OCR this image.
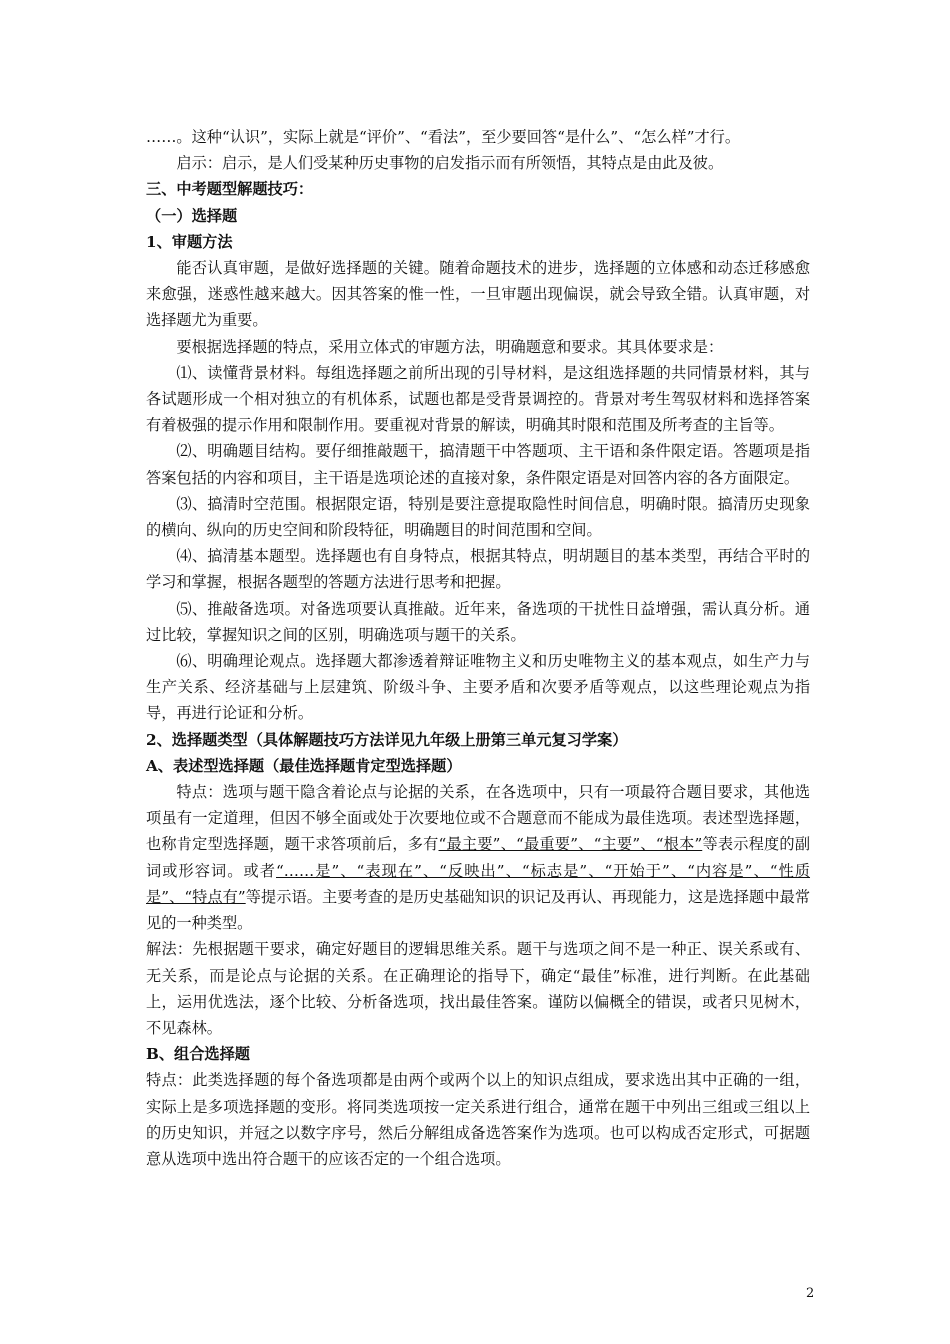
……。这种“认识”，实际上就是“评价”、“看法”，至少要回答“是什么”、“怎么样”才行。

启示：启示，是人们受某种历史事物的启发指示而有所领悟，其特点是由此及彼。

三、中考题型解题技巧：

（一）选择题

1、审题方法

能否认真审题，是做好选择题的关键。随着命题技术的进步，选择题的立体感和动态迁移感愈来愈强，迷惑性越来越大。因其答案的惟一性，一旦审题出现偏误，就会导致全错。认真审题，对选择题尤为重要。

要根据选择题的特点，采用立体式的审题方法，明确题意和要求。其具体要求是：

⑴、读懂背景材料。每组选择题之前所出现的引导材料，是这组选择题的共同情景材料，其与各试题形成一个相对独立的有机体系，试题也都是受背景调控的。背景对考生驾驭材料和选择答案有着极强的提示作用和限制作用。要重视对背景的解读，明确其时限和范围及所考查的主旨等。

⑵、明确题目结构。要仔细推敲题干，搞清题干中答题项、主干语和条件限定语。答题项是指答案包括的内容和项目，主干语是选项论述的直接对象，条件限定语是对回答内容的各方面限定。

⑶、搞清时空范围。根据限定语，特别是要注意提取隐性时间信息，明确时限。搞清历史现象的横向、纵向的历史空间和阶段特征，明确题目的时间范围和空间。

⑷、搞清基本题型。选择题也有自身特点，根据其特点，明胡题目的基本类型，再结合平时的学习和掌握，根据各题型的答题方法进行思考和把握。

⑸、推敲备选项。对备选项要认真推敲。近年来，备选项的干扰性日益增强，需认真分析。通过比较，掌握知识之间的区别，明确选项与题干的关系。

⑹、明确理论观点。选择题大都渗透着辩证唯物主义和历史唯物主义的基本观点，如生产力与生产关系、经济基础与上层建筑、阶级斗争、主要矛盾和次要矛盾等观点，以这些理论观点为指导，再进行论证和分析。

2、选择题类型（具体解题技巧方法详见九年级上册第三单元复习学案）

A、表述型选择题（最佳选择题肯定型选择题）

特点：选项与题干隐含着论点与论据的关系，在各选项中，只有一项最符合题目要求，其他选项虽有一定道理，但因不够全面或处于次要地位或不合题意而不能成为最佳选项。表述型选择题，也称肯定型选择题，题干求答项前后，多有“最主要”、“最重要”、“主要”、“根本”等表示程度的副词或形容词。或者“……是”、“表现在”、“反映出”、“标志是”、“开始于”、“内容是”、“性质是”、“特点有”等提示语。主要考查的是历史基础知识的识记及再认、再现能力，这是选择题中最常见的一种类型。

解法：先根据题干要求，确定好题目的逻辑思维关系。题干与选项之间不是一种正、误关系或有、无关系，而是论点与论据的关系。在正确理论的指导下，确定“最佳”标准，进行判断。在此基础上，运用优选法，逐个比较、分析备选项，找出最佳答案。谨防以偏概全的错误，或者只见树木，不见森林。

B、组合选择题

特点：此类选择题的每个备选项都是由两个或两个以上的知识点组成，要求选出其中正确的一组，实际上是多项选择题的变形。将同类选项按一定关系进行组合，通常在题干中列出三组或三组以上的历史知识，并冠之以数字序号，然后分解组成备选答案作为选项。也可以构成否定形式，可据题意从选项中选出符合题干的应该否定的一个组合选项。

2
